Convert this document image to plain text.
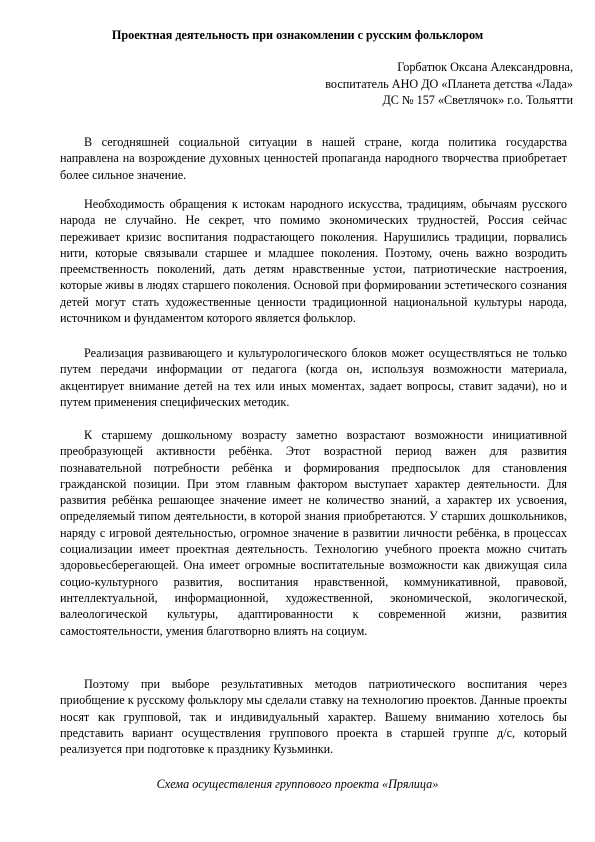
Проектная деятельность при ознакомлении с русским фольклором
Горбатюк Оксана Александровна,
воспитатель АНО ДО «Планета детства «Лада»
ДС № 157 «Светлячок» г.о. Тольятти

В сегодняшней социальной ситуации в нашей стране, когда политика государства направлена на возрождение духовных ценностей пропаганда народного творчества приобретает более сильное значение.

Необходимость обращения к истокам народного искусства, традициям, обычаям русского народа не случайно. Не секрет, что помимо экономических трудностей, Россия сейчас переживает кризис воспитания подрастающего поколения. Нарушились традиции, порвались нити, которые связывали старшее и младшее поколения. Поэтому, очень важно возродить преемственность поколений, дать детям нравственные устои, патриотические настроения, которые живы в людях старшего поколения. Основой при формировании эстетического сознания детей могут стать художественные ценности традиционной национальной культуры народа, источником и фундаментом которого является фольклор.

Реализация развивающего и культурологического блоков может осуществляться не только путем передачи информации от педагога (когда он, используя возможности материала, акцентирует внимание детей на тех или иных моментах, задает вопросы, ставит задачи), но и путем применения специфических методик.

К старшему дошкольному возрасту заметно возрастают возможности инициативной преобразующей активности ребёнка. Этот возрастной период важен для развития познавательной потребности ребёнка и формирования предпосылок для становления гражданской позиции. При этом главным фактором выступает характер деятельности. Для развития ребёнка решающее значение имеет не количество знаний, а характер их усвоения, определяемый типом деятельности, в которой знания приобретаются. У старших дошкольников, наряду с игровой деятельностью, огромное значение в развитии личности ребёнка, в процессах социализации имеет проектная деятельность. Технологию учебного проекта можно считать здоровьесберегающей. Она имеет огромные воспитательные возможности как движущая сила социо-культурного развития, воспитания нравственной, коммуникативной, правовой, интеллектуальной, информационной, художественной, экономической, экологической, валеологической культуры, адаптированности к современной жизни, развития самостоятельности, умения благотворно влиять на социум.

Поэтому при выборе результативных методов патриотического воспитания через приобщение к русскому фольклору мы сделали ставку на технологию проектов. Данные проекты носят как групповой, так и индивидуальный характер. Вашему вниманию хотелось бы представить вариант осуществления группового проекта в старшей группе д/с, который реализуется при подготовке к празднику Кузьминки.

Схема осуществления группового проекта «Прялица»
